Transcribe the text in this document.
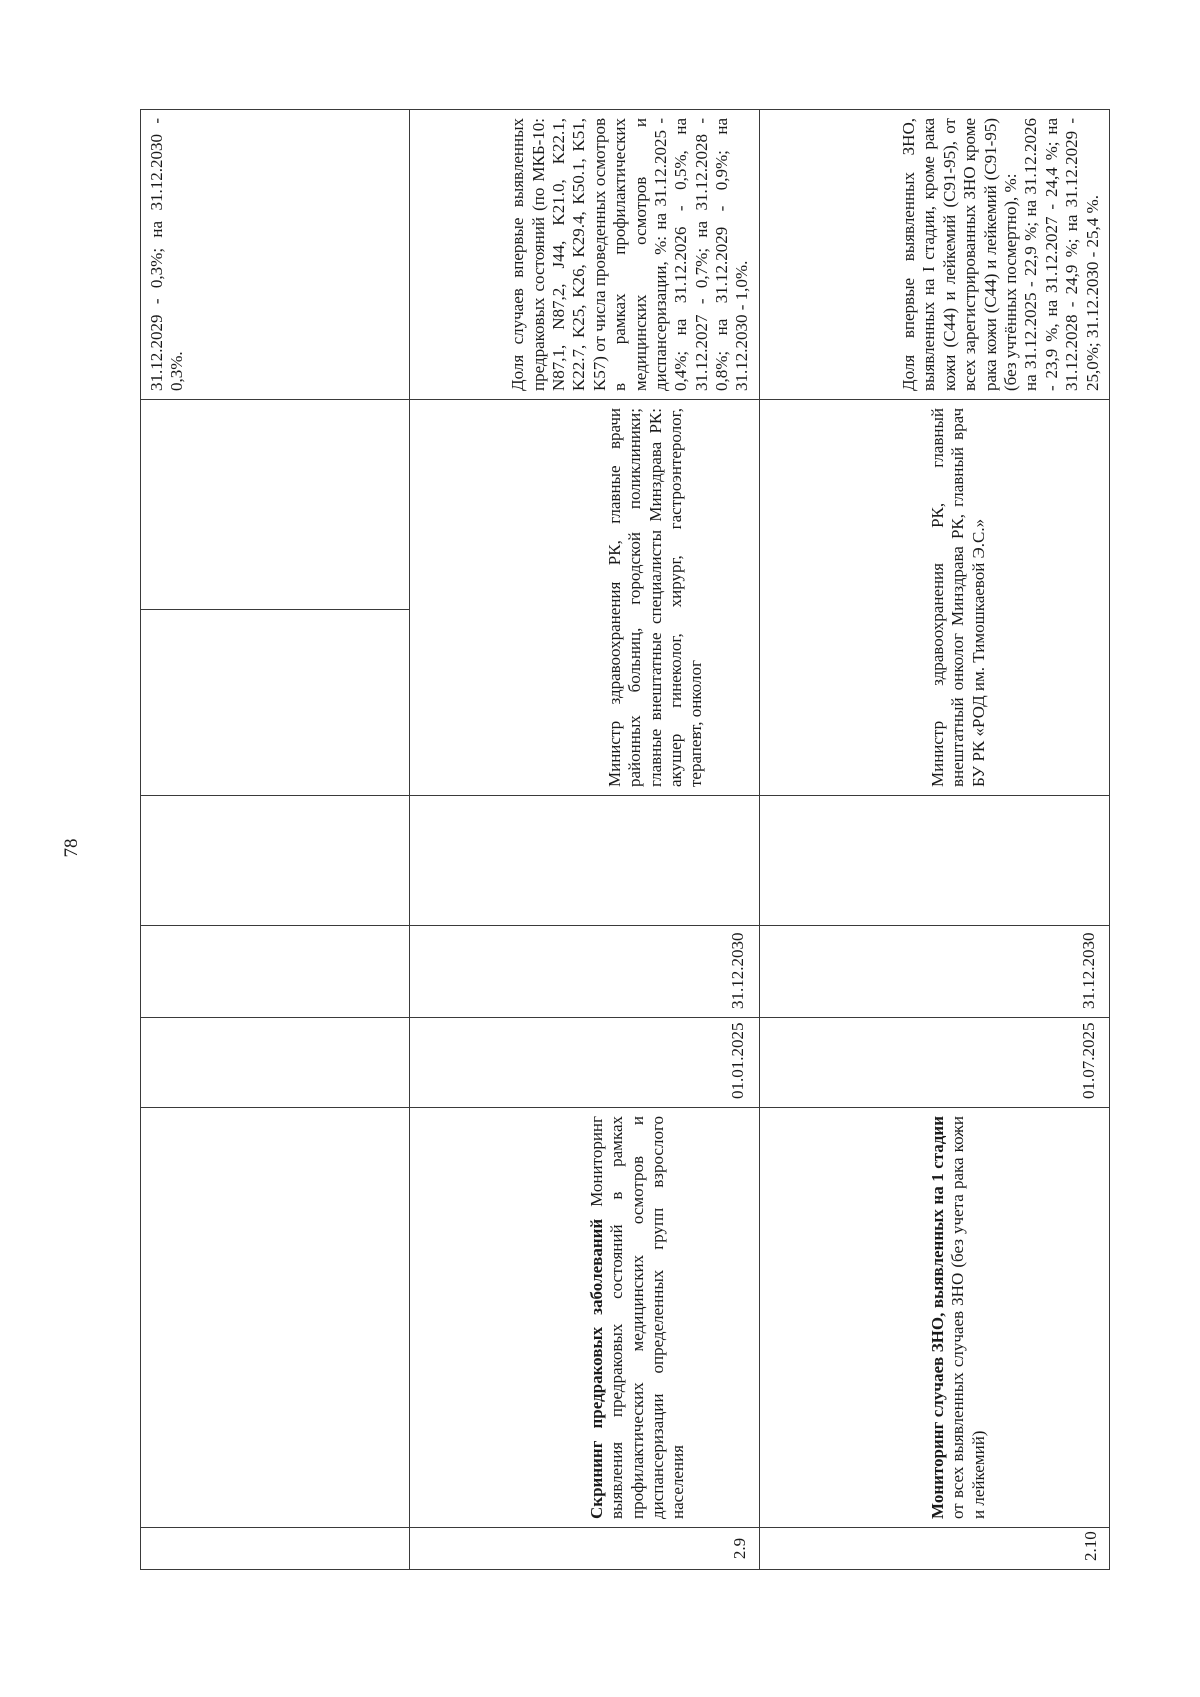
78
							31.12.2029 - 0,3%; на 31.12.2030 - 0,3%.
2.9	Скрининг предраковых заболеваний Мониторинг выявления предраковых состояний в рамках профилактических медицинских осмотров и диспансеризации определенных групп взрослого населения	01.01.2025	31.12.2030		Министр здравоохранения РК, главные врачи районных больниц, городской поликлиники; главные внештатные специалисты Минздрава РК: акушер гинеколог, хирург, гастроэнтеролог, терапевт, онколог		Доля случаев впервые выявленных предраковых состояний (по МКБ-10: N87,1, N87,2, J44, K21.0, K22.1, K22.7, K25, K26, K29.4, K50.1, K51, K57) от числа проведенных осмотров в рамках профилактических медицинских осмотров и диспансеризации, %: на 31.12.2025 - 0,4%; на 31.12.2026 - 0,5%, на 31.12.2027 - 0,7%; на 31.12.2028 - 0,8%; на 31.12.2029 - 0,9%; на 31.12.2030 - 1,0%.
2.10	Мониторинг случаев ЗНО, выявленных на 1 стадии от всех выявленных случаев ЗНО (без учета рака кожи и лейкемий)	01.07.2025	31.12.2030		Министр здравоохранения РК, главный внештатный онколог Минздрава РК, главный врач БУ РК «РОД им. Тимошкаевой Э.С.»		Доля впервые выявленных ЗНО, выявленных на I стадии, кроме рака кожи (С44) и лейкемий (С91-95), от всех зарегистрированных ЗНО кроме рака кожи (С44) и лейкемий (С91-95) (без учтённых посмертно), %: на 31.12.2025 - 22,9 %; на 31.12.2026 - 23,9 %, на 31.12.2027 - 24,4 %; на 31.12.2028 - 24,9 %; на 31.12.2029 - 25,0%; 31.12.2030 - 25,4 %.
